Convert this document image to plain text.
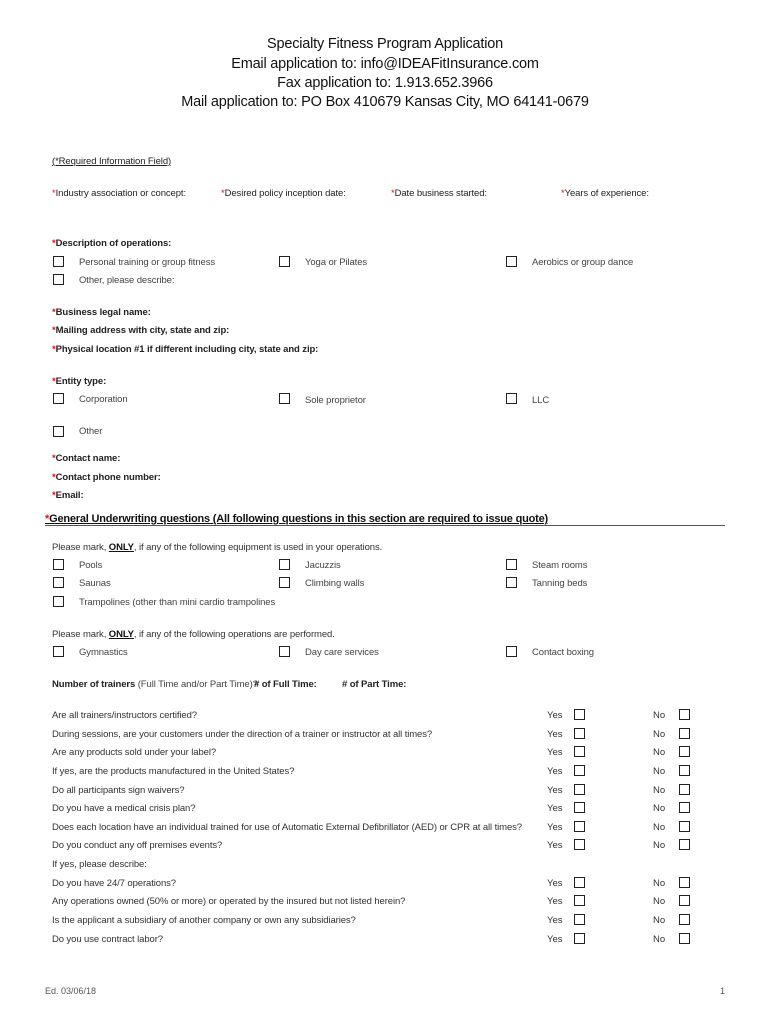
Specialty Fitness Program Application
Email application to: info@IDEAFitInsurance.com
Fax application to: 1.913.652.3966
Mail application to: PO Box 410679 Kansas City, MO 64141-0679
(*Required Information Field)
*Industry association or concept:	*Desired policy inception date:	*Date business started:	*Years of experience:
*Description of operations:
Personal training or group fitness	Yoga or Pilates	Aerobics or group dance
Other, please describe:
*Business legal name:
*Mailing address with city, state and zip:
*Physical location #1 if different including city, state and zip:
*Entity type:
Corporation	Sole proprietor	LLC
Other
*Contact name:
*Contact phone number:
*Email:
*General Underwriting questions (All following questions in this section are required to issue quote)
Please mark, ONLY, if any of the following equipment is used in your operations.
Pools	Jacuzzis	Steam rooms
Saunas	Climbing walls	Tanning beds
Trampolines (other than mini cardio trampolines
Please mark, ONLY, if any of the following operations are performed.
Gymnastics	Day care services	Contact boxing
Number of trainers (Full Time and/or Part Time)?
# of Full Time:	# of Part Time:
Are all trainers/instructors certified?	Yes	No
During sessions, are your customers under the direction of a trainer or instructor at all times?	Yes	No
Are any products sold under your label?	Yes	No
If yes, are the products manufactured in the United States?	Yes	No
Do all participants sign waivers?	Yes	No
Do you have a medical crisis plan?	Yes	No
Does each location have an individual trained for use of Automatic External Defibrillator (AED) or CPR at all times?	Yes	No
Do you conduct any off premises events?	Yes	No
If yes, please describe:
Do you have 24/7 operations?	Yes	No
Any operations owned (50% or more) or operated by the insured but not listed herein?	Yes	No
Is the applicant a subsidiary of another company or own any subsidiaries?	Yes	No
Do you use contract labor?	Yes	No
Ed. 03/06/18	1
